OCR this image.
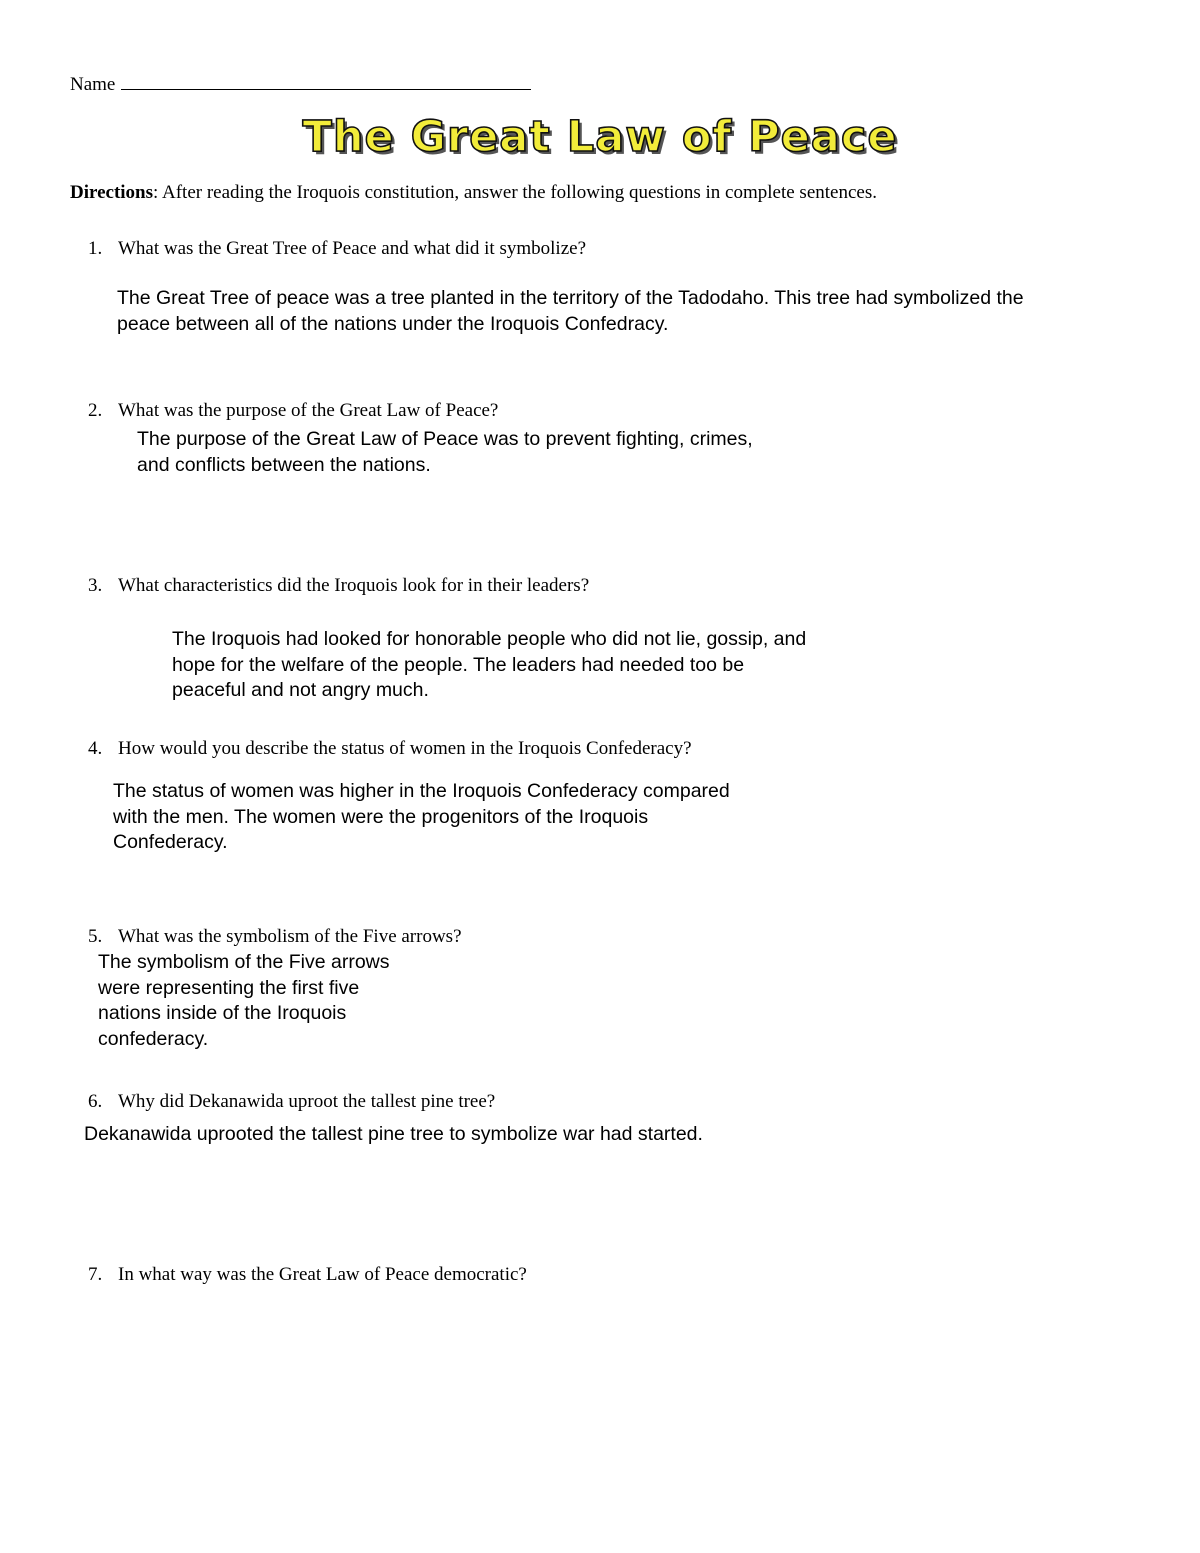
Name
The Great Law of Peace
Directions: After reading the Iroquois constitution, answer the following questions in complete sentences.
1. What was the Great Tree of Peace and what did it symbolize?
The Great Tree of peace was a tree planted in the territory of the Tadodaho. This tree had symbolized the
peace between all of the nations under the Iroquois Confedracy.
2. What was the purpose of the Great Law of Peace?
The purpose of the Great Law of Peace was to prevent fighting, crimes,
and conflicts between the nations.
3. What characteristics did the Iroquois look for in their leaders?
The Iroquois had looked for honorable people who did not lie, gossip, and
hope for the welfare of the people. The leaders had needed too be
peaceful and not angry much.
4. How would you describe the status of women in the Iroquois Confederacy?
The status of women was higher in the Iroquois Confederacy compared
with the men. The women were the progenitors of the Iroquois
Confederacy.
5. What was the symbolism of the Five arrows?
The symbolism of the Five arrows
were representing the first five
nations inside of the Iroquois
confederacy.
6. Why did Dekanawida uproot the tallest pine tree?
Dekanawida uprooted the tallest pine tree to symbolize war had started.
7. In what way was the Great Law of Peace democratic?
